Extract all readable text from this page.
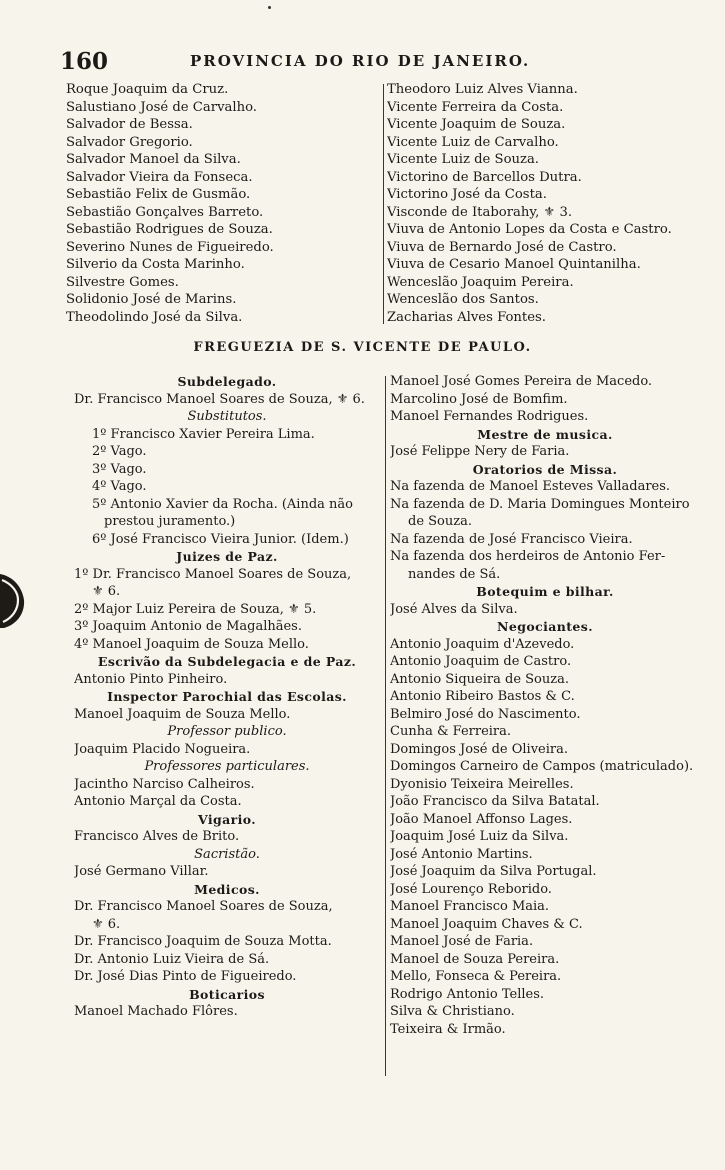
160	PROVINCIA DO RIO DE JANEIRO.
Roque Joaquim da Cruz.
Salustiano José de Carvalho.
Salvador de Bessa.
Salvador Gregorio.
Salvador Manoel da Silva.
Salvador Vieira da Fonseca.
Sebastião Felix de Gusmão.
Sebastião Gonçalves Barreto.
Sebastião Rodrigues de Souza.
Severino Nunes de Figueiredo.
Silverio da Costa Marinho.
Silvestre Gomes.
Solidonio José de Marins.
Theodolindo José da Silva.
Theodoro Luiz Alves Vianna.
Vicente Ferreira da Costa.
Vicente Joaquim de Souza.
Vicente Luiz de Carvalho.
Vicente Luiz de Souza.
Victorino de Barcellos Dutra.
Victorino José da Costa.
Visconde de Itaborahy, ⚜ 3.
Viuva de Antonio Lopes da Costa e Castro.
Viuva de Bernardo José de Castro.
Viuva de Cesario Manoel Quintanilha.
Wenceslão Joaquim Pereira.
Wenceslão dos Santos.
Zacharias Alves Fontes.
FREGUEZIA DE S. VICENTE DE PAULO.
Subdelegado.
Dr. Francisco Manoel Soares de Souza, ⚜ 6.
Substitutos.
1º Francisco Xavier Pereira Lima.
2º Vago.
3º Vago.
4º Vago.
5º Antonio Xavier da Rocha. (Ainda não
prestou juramento.)
6º José Francisco Vieira Junior. (Idem.)
Juizes de Paz.
1º Dr. Francisco Manoel Soares de Souza,
⚜ 6.
2º Major Luiz Pereira de Souza, ⚜ 5.
3º Joaquim Antonio de Magalhães.
4º Manoel Joaquim de Souza Mello.
Escrivão da Subdelegacia e de Paz.
Antonio Pinto Pinheiro.
Inspector Parochial das Escolas.
Manoel Joaquim de Souza Mello.
Professor publico.
Joaquim Placido Nogueira.
Professores particulares.
Jacintho Narciso Calheiros.
Antonio Marçal da Costa.
Vigario.
Francisco Alves de Brito.
Sacristão.
José Germano Villar.
Medicos.
Dr. Francisco Manoel Soares de Souza,
⚜ 6.
Dr. Francisco Joaquim de Souza Motta.
Dr. Antonio Luiz Vieira de Sá.
Dr. José Dias Pinto de Figueiredo.
Boticarios
Manoel Machado Flôres.
Manoel José Gomes Pereira de Macedo.
Marcolino José de Bomfim.
Manoel Fernandes Rodrigues.
Mestre de musica.
José Felippe Nery de Faria.
Oratorios de Missa.
Na fazenda de Manoel Esteves Valladares.
Na fazenda de D. Maria Domingues Monteiro
de Souza.
Na fazenda de José Francisco Vieira.
Na fazenda dos herdeiros de Antonio Fer-
nandes de Sá.
Botequim e bilhar.
José Alves da Silva.
Negociantes.
Antonio Joaquim d'Azevedo.
Antonio Joaquim de Castro.
Antonio Siqueira de Souza.
Antonio Ribeiro Bastos & C.
Belmiro José do Nascimento.
Cunha & Ferreira.
Domingos José de Oliveira.
Domingos Carneiro de Campos (matriculado).
Dyonisio Teixeira Meirelles.
João Francisco da Silva Batatal.
João Manoel Affonso Lages.
Joaquim José Luiz da Silva.
José Antonio Martins.
José Joaquim da Silva Portugal.
José Lourenço Reborido.
Manoel Francisco Maia.
Manoel Joaquim Chaves & C.
Manoel José de Faria.
Manoel de Souza Pereira.
Mello, Fonseca & Pereira.
Rodrigo Antonio Telles.
Silva & Christiano.
Teixeira & Irmão.
